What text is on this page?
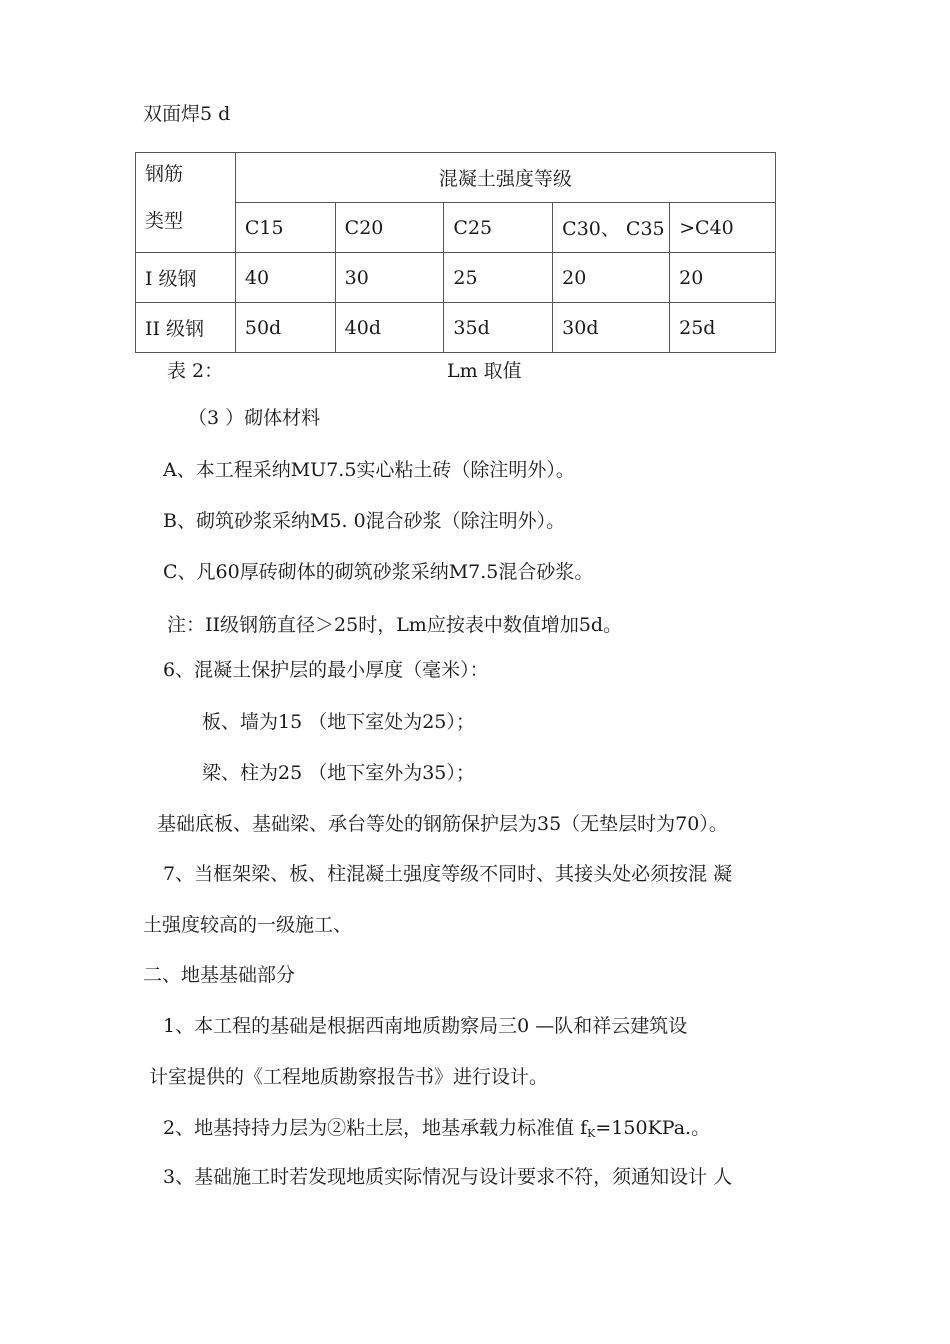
双面焊5 d
钢筋
类型	混凝土强度等级				
	C15	C20	C25	C30、 C35	>C40
I 级钢	40	30	25	20	20
II 级钢	50d	40d	35d	30d	25d
表 2：	Lm 取值
（3 ）砌体材料
A、本工程采纳MU7.5实心粘土砖（除注明外）。
B、砌筑砂浆采纳M5. 0混合砂浆（除注明外）。
C、凡60厚砖砌体的砌筑砂浆采纳M7.5混合砂浆。
注：II级钢筋直径＞25时，Lm应按表中数值增加5d。
6、混凝土保护层的最小厚度（毫米）：
板、墙为15 （地下室处为25）；
梁、柱为25 （地下室外为35）；
基础底板、基础梁、承台等处的钢筋保护层为35（无垫层时为70）。
7、当框架梁、板、柱混凝土强度等级不同时、其接头处必须按混 凝
土强度较高的一级施工、
二、地基基础部分
1、本工程的基础是根据西南地质勘察局三0 —队和祥云建筑设
计室提供的《工程地质勘察报告书》进行设计。
2、地基持持力层为②粘土层，地基承载力标准值 $f_K=150KPa$.。
3、基础施工时若发现地质实际情况与设计要求不符，须通知设计 人
